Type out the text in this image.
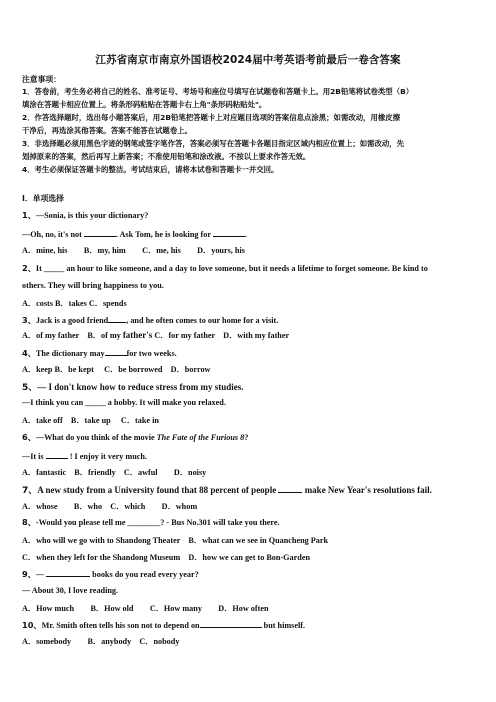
江苏省南京市南京外国语校2024届中考英语考前最后一卷含答案
注意事项：
1．答卷前，考生务必将自己的姓名、准考证号、考场号和座位号填写在试题卷和答题卡上。用2B铅笔将试卷类型（B）
填涂在答题卡相应位置上。将条形码粘贴在答题卡右上角"条形码粘贴处"。
2．作答选择题时，选出每小题答案后，用2B铅笔把答题卡上对应题目选项的答案信息点涂黑；如需改动，用橡皮擦
干净后，再选涂其他答案。答案不能答在试题卷上。
3．非选择题必须用黑色字迹的钢笔或签字笔作答，答案必须写在答题卡各题目指定区域内相应位置上；如需改动，先
划掉原来的答案，然后再写上新答案；不准使用铅笔和涂改液。不按以上要求作答无效。
4．考生必须保证答题卡的整洁。考试结束后，请将本试卷和答题卡一并交回。
Ⅰ．单项选择
1、—Sonia, is this your dictionary?
—Oh, no, it's not	. Ask Tom, he is looking for	.
A．mine, his　　B．my, him　　C．me, his　　D．yours, his
2、It _____ an hour to like someone, and a day to love someone, but it needs a lifetime to forget someone. Be kind to
others. They will bring happiness to you.
A．costs B．takes C．spends
3、Jack is a good friend , and he often comes to our home for a visit.
A．of my father　B．of my father's C．for my father　D．with my father
4、The dictionary may	for two weeks.
A．keep B．be kept　 C．be borrowed　D．borrow
5、— I don't know how to reduce stress from my studies.
—I think you can _____ a hobby. It will make you relaxed.
A．take off　B．take up　 C．take in
6、—What do you think of the movie The Fate of the Furious 8?
—It is	! I enjoy it very much.
A．fantastic　B．friendly　C．awful　　D．noisy
7、A new study from a University found that 88 percent of people	make New Year's resolutions fail.
A．whose　　B．who　C．which　　D．whom
8、-Would you please tell me ________? - Bus No.301 will take you there.
A．who will we go with to Shandong Theater　B．what can we see in Quancheng Park
C．when they left for the Shandong Museum　D．how we can get to Bon-Garden
9、—	books do you read every year?
— About 30, I love reading.
A．How much　　B．How old　　C．How many　　D．How often
10、Mr. Smith often tells his son not to depend on	but himself.
A．somebody　　B．anybody　C．nobody
